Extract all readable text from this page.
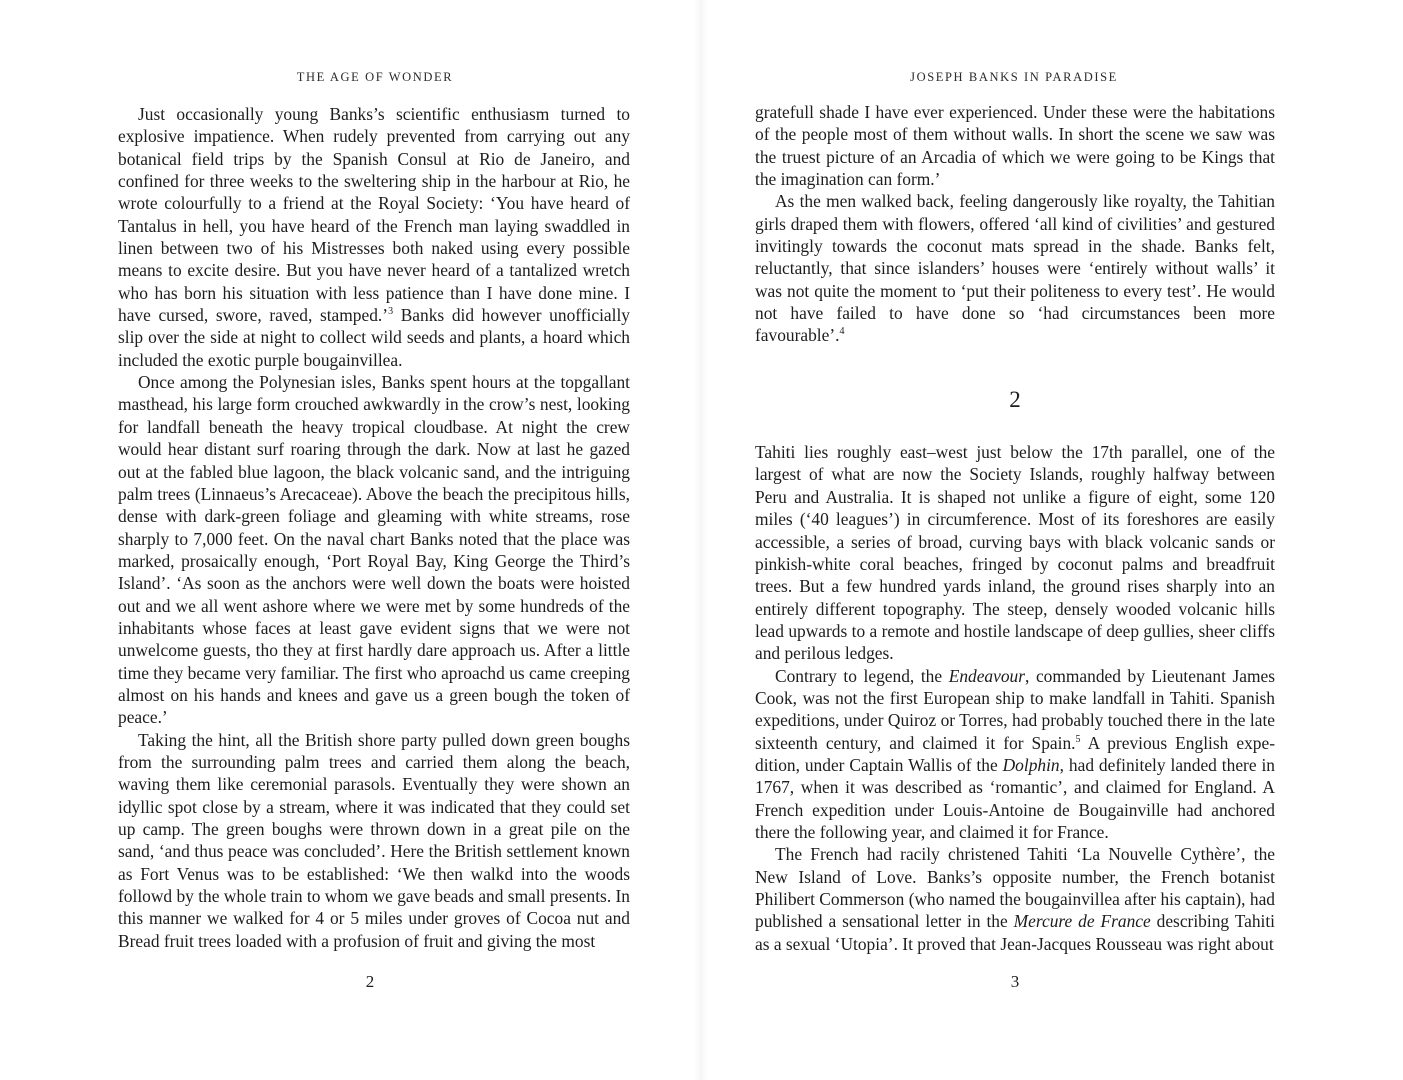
THE AGE OF WONDER

Just occasionally young Banks’s scientific enthusiasm turned to explosive impatience. When rudely prevented from carrying out any botanical field trips by the Spanish Consul at Rio de Janeiro, and confined for three weeks to the sweltering ship in the harbour at Rio, he wrote colourfully to a friend at the Royal Society: ‘You have heard of Tantalus in hell, you have heard of the French man laying swaddled in linen between two of his Mistresses both naked using every possible means to excite desire. But you have never heard of a tantalized wretch who has born his situation with less patience than I have done mine. I have cursed, swore, raved, stamped.’$^3$ Banks did however unofficially slip over the side at night to collect wild seeds and plants, a hoard which included the exotic purple bougainvillea.

Once among the Polynesian isles, Banks spent hours at the topgallant masthead, his large form crouched awkwardly in the crow’s nest, looking for landfall beneath the heavy tropical cloudbase. At night the crew would hear distant surf roaring through the dark. Now at last he gazed out at the fabled blue lagoon, the black volcanic sand, and the intriguing palm trees (Linnaeus’s Arecaceae). Above the beach the precipitous hills, dense with dark-green foliage and gleaming with white streams, rose sharply to 7,000 feet. On the naval chart Banks noted that the place was marked, prosaically enough, ‘Port Royal Bay, King George the Third’s Island’. ‘As soon as the anchors were well down the boats were hoisted out and we all went ashore where we were met by some hundreds of the inhabitants whose faces at least gave evident signs that we were not unwelcome guests, tho they at first hardly dare approach us. After a little time they became very familiar. The first who aproachd us came creeping almost on his hands and knees and gave us a green bough the token of peace.’

Taking the hint, all the British shore party pulled down green boughs from the surrounding palm trees and carried them along the beach, waving them like ceremonial parasols. Eventually they were shown an idyllic spot close by a stream, where it was indicated that they could set up camp. The green boughs were thrown down in a great pile on the sand, ‘and thus peace was concluded’. Here the British settlement known as Fort Venus was to be established: ‘We then walkd into the woods followd by the whole train to whom we gave beads and small presents. In this manner we walked for 4 or 5 miles under groves of Cocoa nut and Bread fruit trees loaded with a profusion of fruit and giving the most

2
JOSEPH BANKS IN PARADISE

gratefull shade I have ever experienced. Under these were the habitations of the people most of them without walls. In short the scene we saw was the truest picture of an Arcadia of which we were going to be Kings that the imagination can form.’

As the men walked back, feeling dangerously like royalty, the Tahitian girls draped them with flowers, offered ‘all kind of civilities’ and gestured invitingly towards the coconut mats spread in the shade. Banks felt, reluctantly, that since islanders’ houses were ‘entirely without walls’ it was not quite the moment to ‘put their politeness to every test’. He would not have failed to have done so ‘had circumstances been more favourable’.$^4$

2

Tahiti lies roughly east–west just below the 17th parallel, one of the largest of what are now the Society Islands, roughly halfway between Peru and Australia. It is shaped not unlike a figure of eight, some 120 miles (‘40 leagues’) in circumference. Most of its foreshores are easily accessible, a series of broad, curving bays with black volcanic sands or pinkish-white coral beaches, fringed by coconut palms and breadfruit trees. But a few hundred yards inland, the ground rises sharply into an entirely different topography. The steep, densely wooded volcanic hills lead upwards to a remote and hostile landscape of deep gullies, sheer cliffs and perilous ledges.

Contrary to legend, the Endeavour, commanded by Lieutenant James Cook, was not the first European ship to make landfall in Tahiti. Spanish expeditions, under Quiroz or Torres, had probably touched there in the late sixteenth century, and claimed it for Spain.$^5$ A previous English expedition, under Captain Wallis of the Dolphin, had definitely landed there in 1767, when it was described as ‘romantic’, and claimed for England. A French expedition under Louis-Antoine de Bougainville had anchored there the following year, and claimed it for France.

The French had racily christened Tahiti ‘La Nouvelle Cythère’, the New Island of Love. Banks’s opposite number, the French botanist Philibert Commerson (who named the bougainvillea after his captain), had published a sensational letter in the Mercure de France describing Tahiti as a sexual ‘Utopia’. It proved that Jean-Jacques Rousseau was right about

3
